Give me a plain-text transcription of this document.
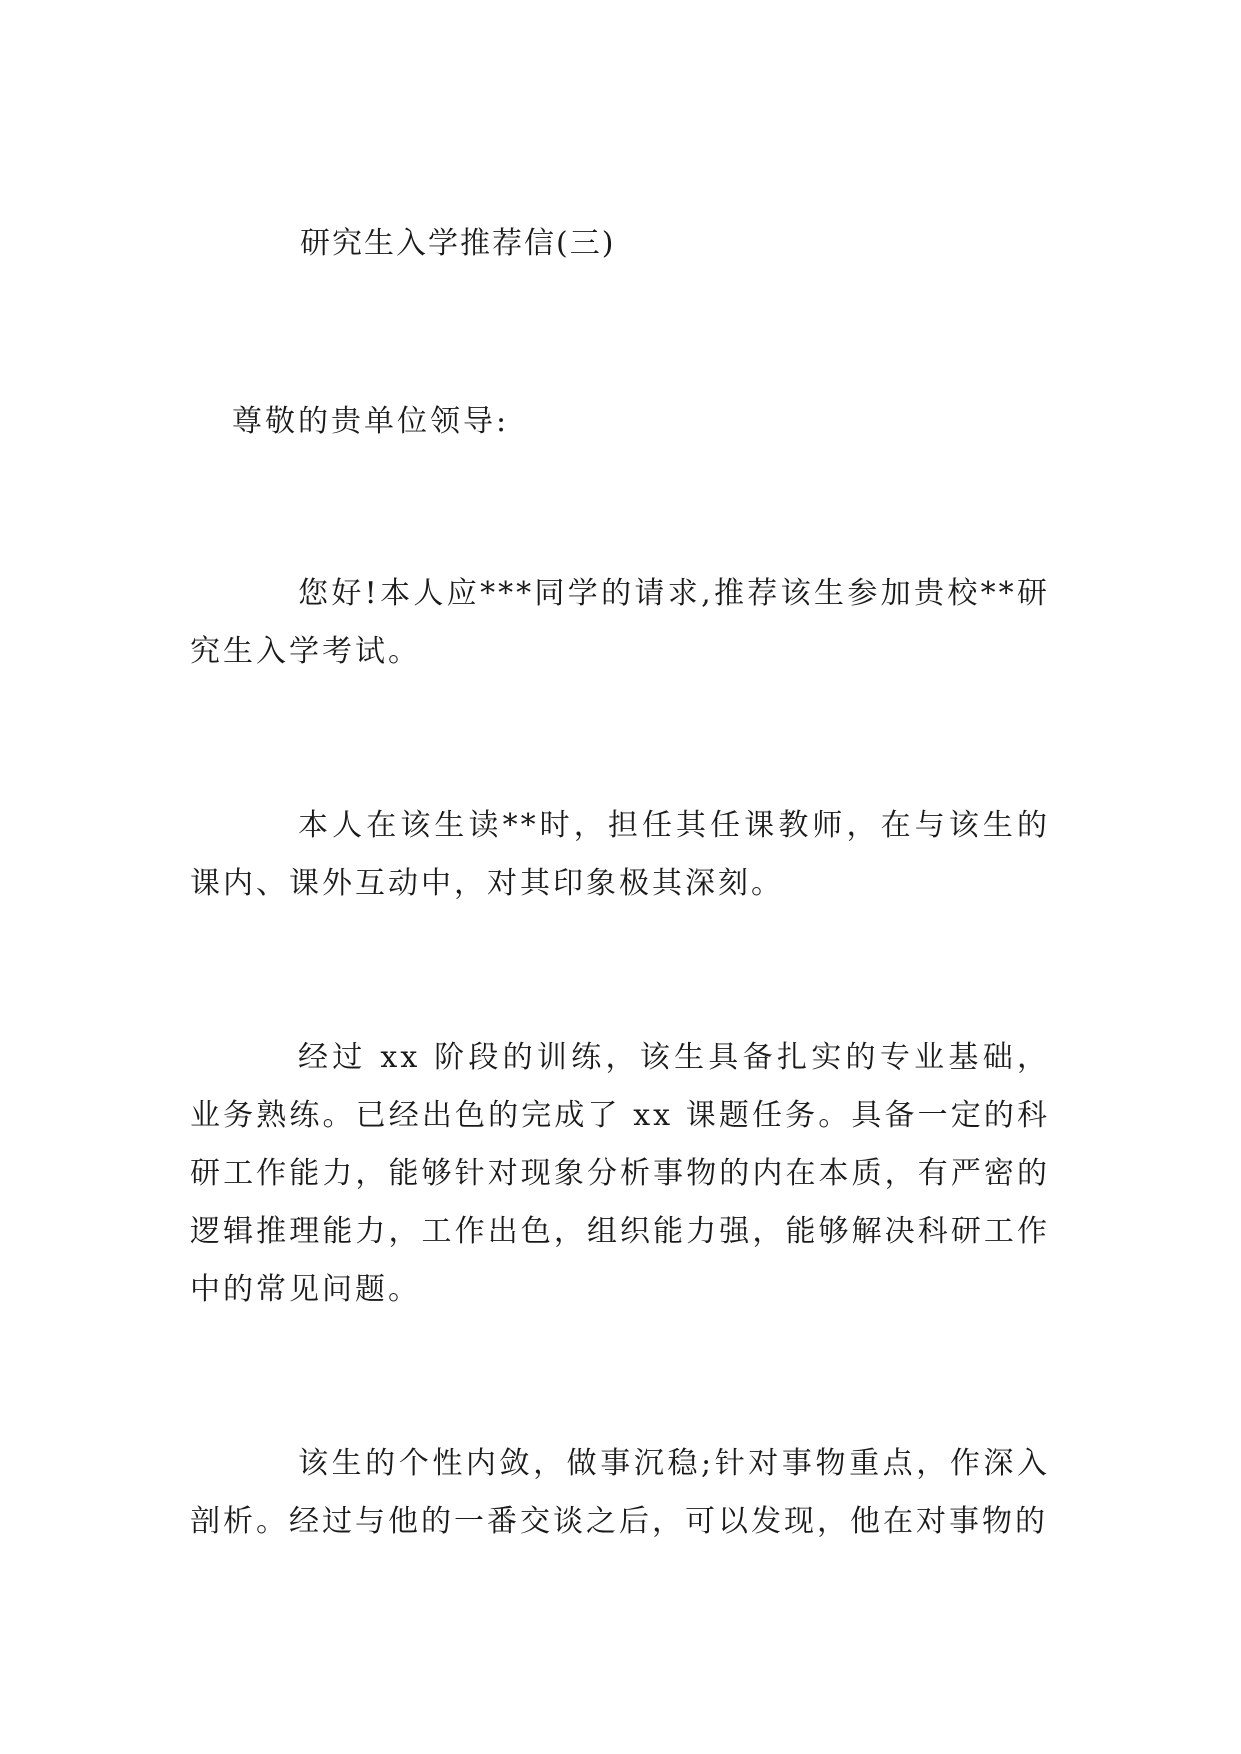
研究生入学推荐信(三)
尊敬的贵单位领导:

您好!本人应***同学的请求,推荐该生参加贵校**研究生入学考试。

本人在该生读**时，担任其任课教师，在与该生的课内、课外互动中，对其印象极其深刻。

经过 xx 阶段的训练，该生具备扎实的专业基础，业务熟练。已经出色的完成了 xx 课题任务。具备一定的科研工作能力，能够针对现象分析事物的内在本质，有严密的逻辑推理能力，工作出色，组织能力强，能够解决科研工作中的常见问题。

该生的个性内敛，做事沉稳;针对事物重点，作深入剖析。经过与他的一番交谈之后，可以发现，他在对事物的
